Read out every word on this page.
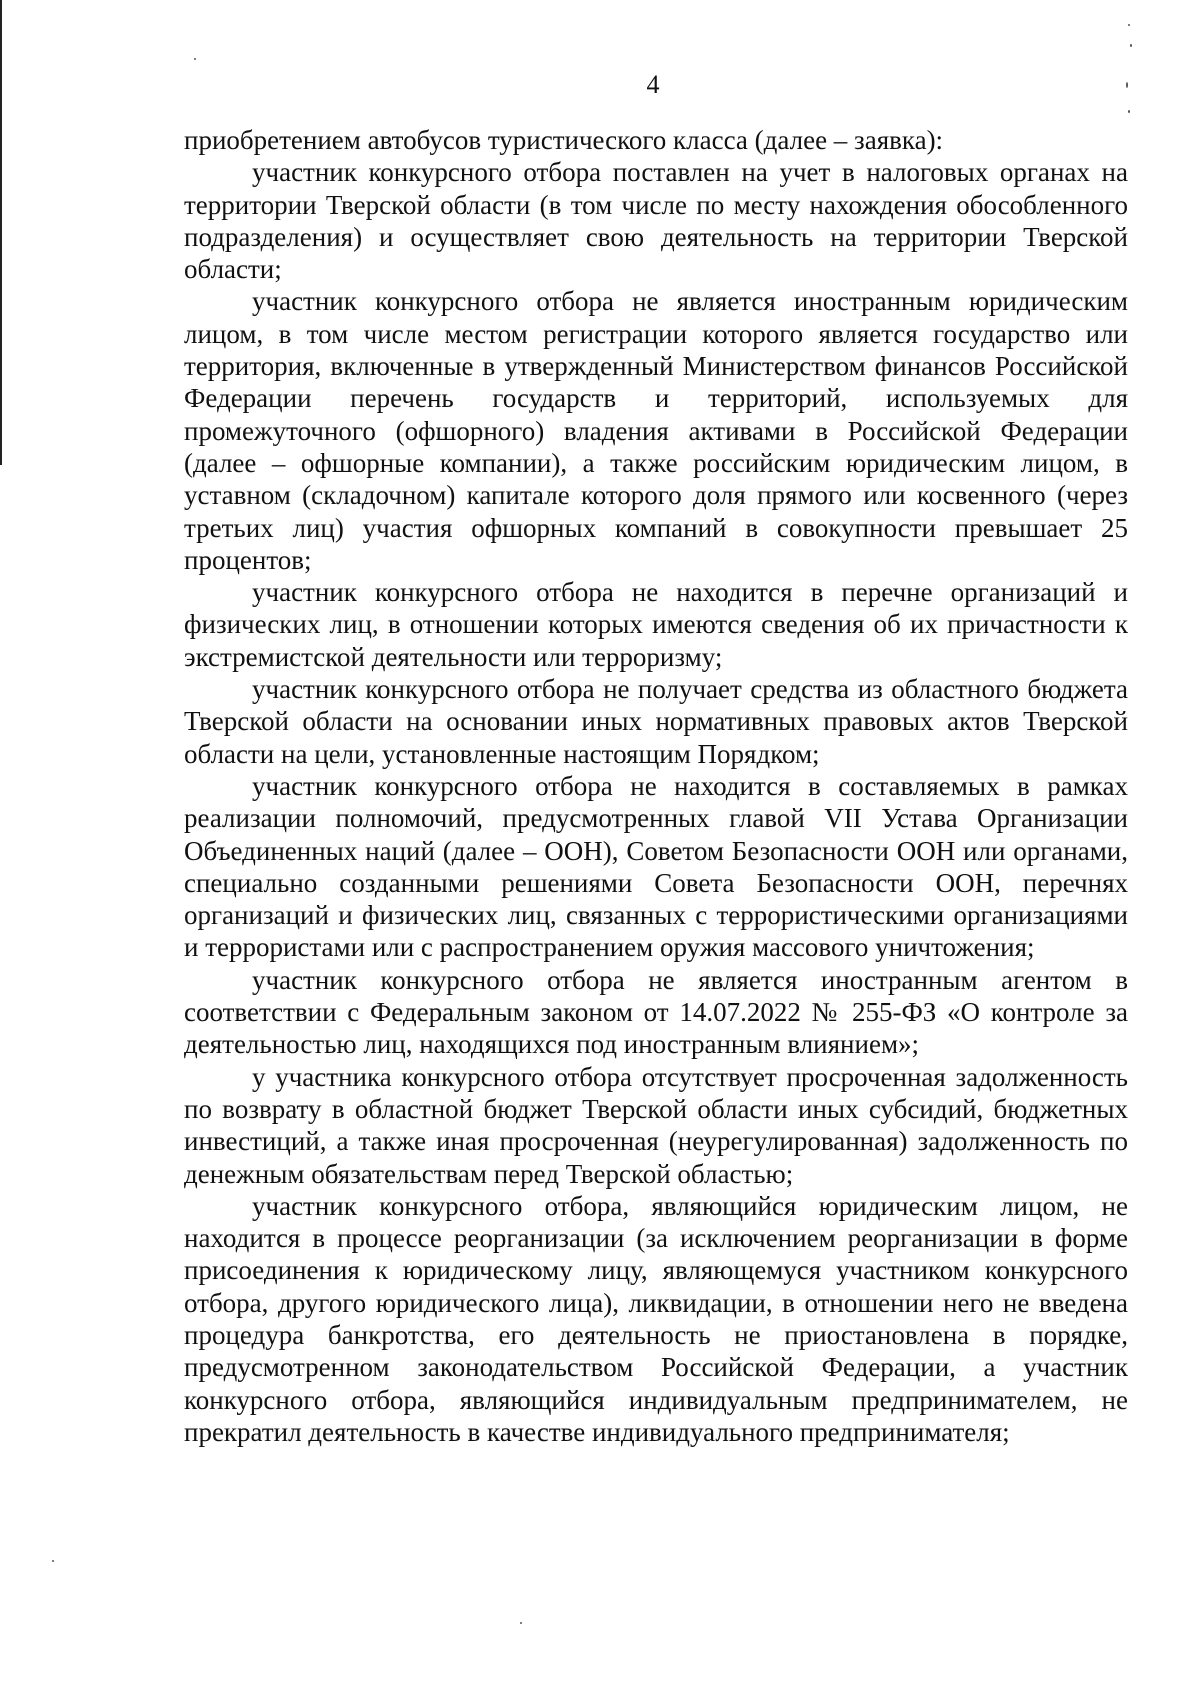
4

приобретением автобусов туристического класса (далее – заявка):

участник конкурсного отбора поставлен на учет в налоговых органах на территории Тверской области (в том числе по месту нахождения обособленного подразделения) и осуществляет свою деятельность на территории Тверской области;

участник конкурсного отбора не является иностранным юридическим лицом, в том числе местом регистрации которого является государство или территория, включенные в утвержденный Министерством финансов Российской Федерации перечень государств и территорий, используемых для промежуточного (офшорного) владения активами в Российской Федерации (далее – офшорные компании), а также российским юридическим лицом, в уставном (складочном) капитале которого доля прямого или косвенного (через третьих лиц) участия офшорных компаний в совокупности превышает 25 процентов;

участник конкурсного отбора не находится в перечне организаций и физических лиц, в отношении которых имеются сведения об их причастности к экстремистской деятельности или терроризму;

участник конкурсного отбора не получает средства из областного бюджета Тверской области на основании иных нормативных правовых актов Тверской области на цели, установленные настоящим Порядком;

участник конкурсного отбора не находится в составляемых в рамках реализации полномочий, предусмотренных главой VII Устава Организации Объединенных наций (далее – ООН), Советом Безопасности ООН или органами, специально созданными решениями Совета Безопасности ООН, перечнях организаций и физических лиц, связанных с террористическими организациями и террористами или с распространением оружия массового уничтожения;

участник конкурсного отбора не является иностранным агентом в соответствии с Федеральным законом от 14.07.2022 № 255-ФЗ «О контроле за деятельностью лиц, находящихся под иностранным влиянием»;

у участника конкурсного отбора отсутствует просроченная задолженность по возврату в областной бюджет Тверской области иных субсидий, бюджетных инвестиций, а также иная просроченная (неурегулированная) задолженность по денежным обязательствам перед Тверской областью;

участник конкурсного отбора, являющийся юридическим лицом, не находится в процессе реорганизации (за исключением реорганизации в форме присоединения к юридическому лицу, являющемуся участником конкурсного отбора, другого юридического лица), ликвидации, в отношении него не введена процедура банкротства, его деятельность не приостановлена в порядке, предусмотренном законодательством Российской Федерации, а участник конкурсного отбора, являющийся индивидуальным предпринимателем, не прекратил деятельность в качестве индивидуального предпринимателя;
